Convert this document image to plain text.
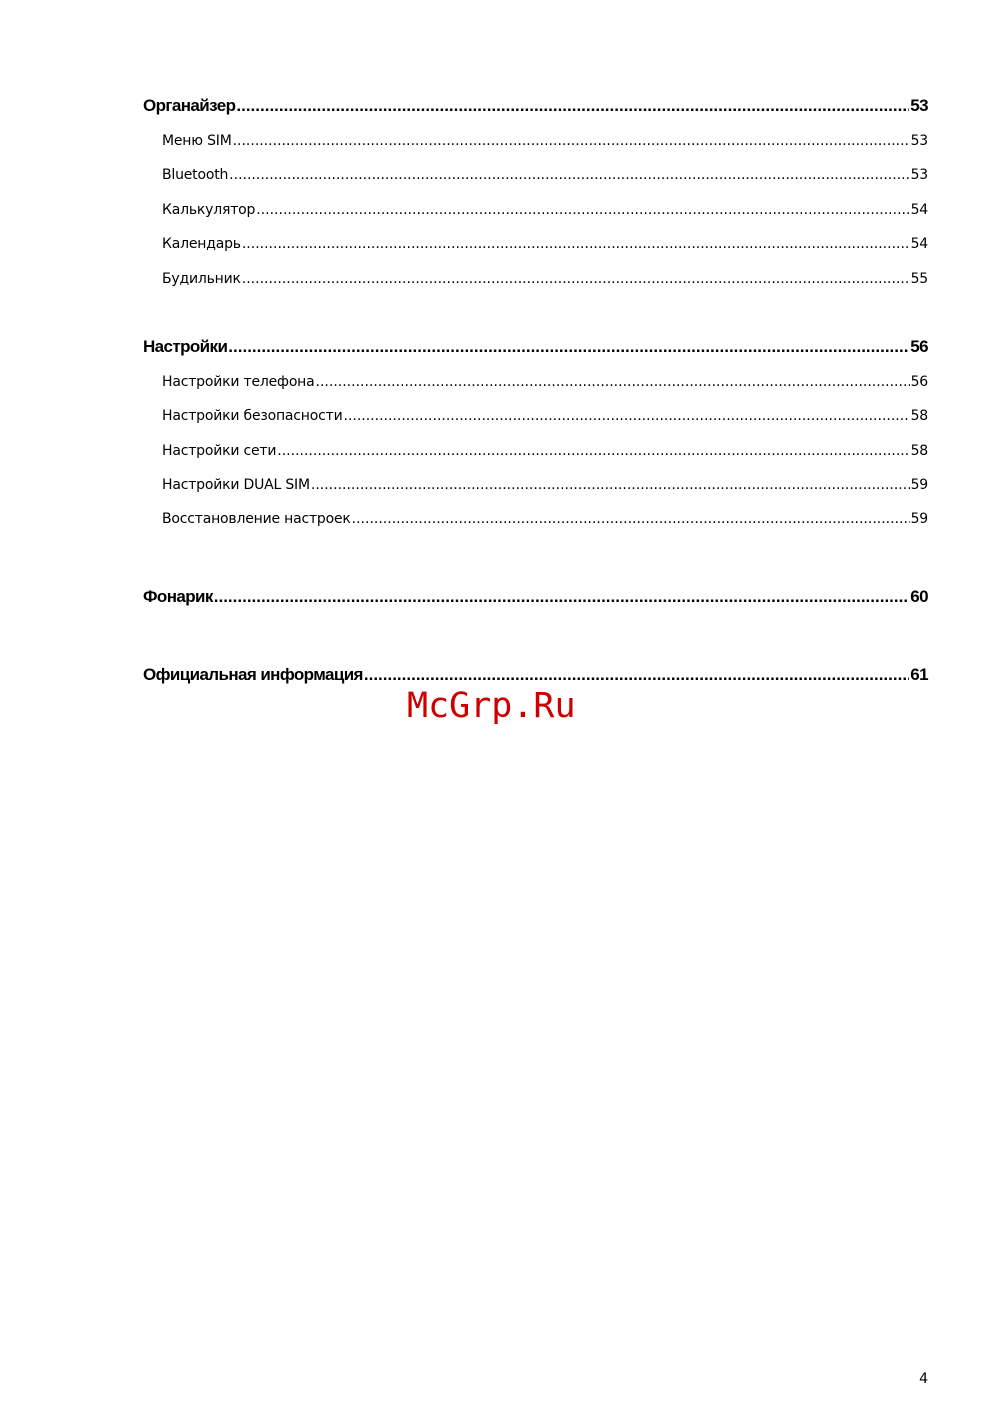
Органайзер .....	53
Меню SIM .....	53
Bluetooth .....	53
Калькулятор .....	54
Календарь .....	54
Будильник .....	55
Настройки .....	56
Настройки телефона .....	56
Настройки безопасности .....	58
Настройки сети .....	58
Настройки DUAL SIM .....	59
Восстановление настроек .....	59
Фонарик .....	60
Официальная информация .....	61
McGrp.Ru
4
